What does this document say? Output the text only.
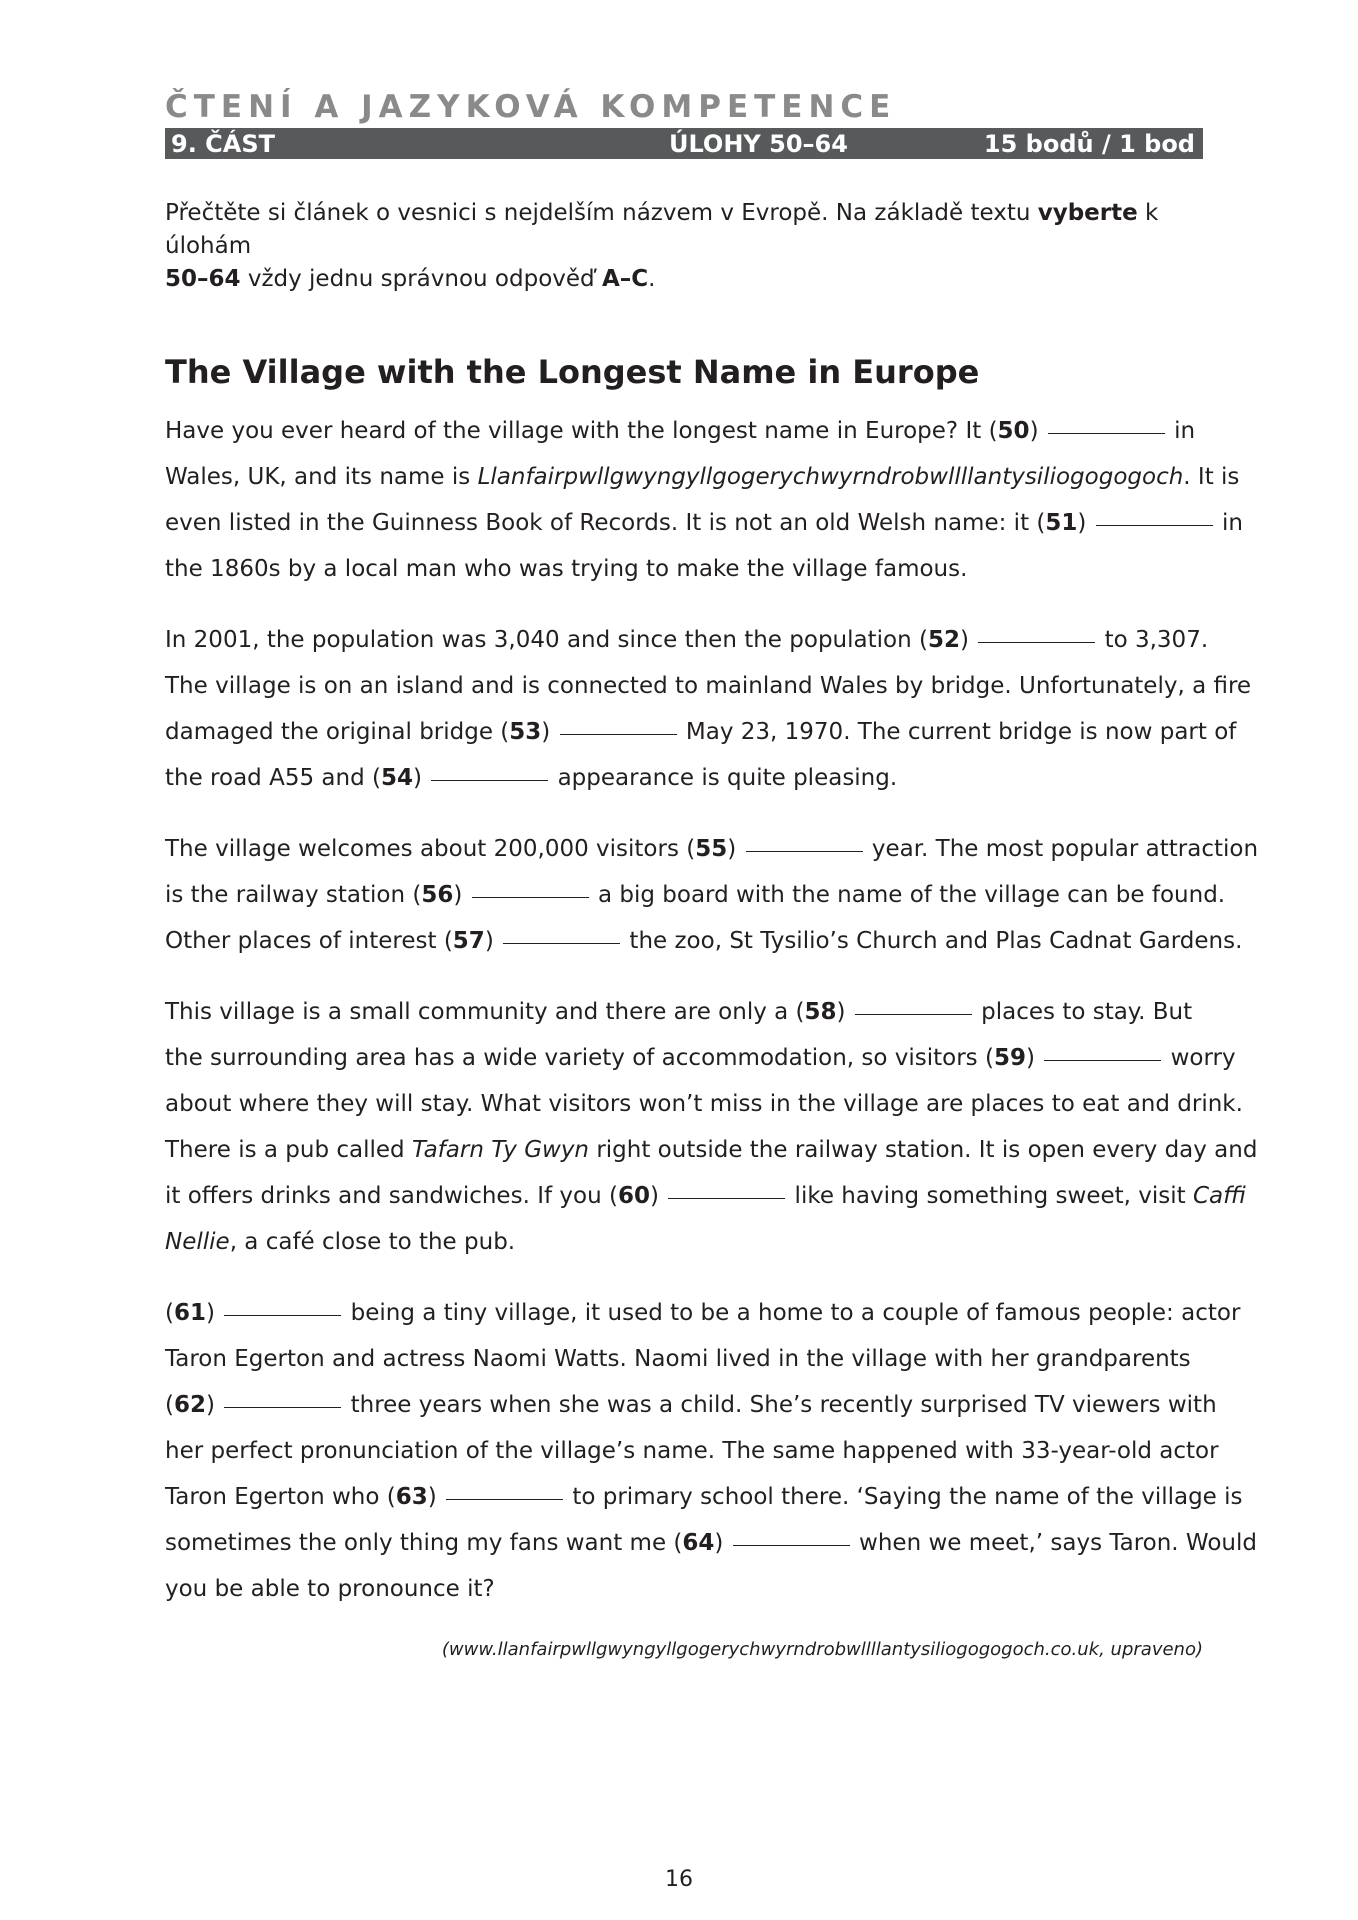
ČTENÍ A JAZYKOVÁ KOMPETENCE
9. ČÁST	ÚLOHY 50–64	15 bodů / 1 bod
Přečtěte si článek o vesnici s nejdelším názvem v Evropě. Na základě textu vyberte k úlohám
50–64 vždy jednu správnou odpověď A–C.
The Village with the Longest Name in Europe
Have you ever heard of the village with the longest name in Europe? It (50)	in
Wales, UK, and its name is Llanfairpwllgwyngyllgogerychwyrndrobwllllantysiliogogogoch. It is
even listed in the Guinness Book of Records. It is not an old Welsh name: it (51)	in
the 1860s by a local man who was trying to make the village famous.
In 2001, the population was 3,040 and since then the population (52)	to 3,307.
The village is on an island and is connected to mainland Wales by bridge. Unfortunately, a fire
damaged the original bridge (53)	May 23, 1970. The current bridge is now part of
the road A55 and (54)	appearance is quite pleasing.
The village welcomes about 200,000 visitors (55)	year. The most popular attraction
is the railway station (56)	a big board with the name of the village can be found.
Other places of interest (57)	the zoo, St Tysilio’s Church and Plas Cadnat Gardens.
This village is a small community and there are only a (58)	places to stay. But
the surrounding area has a wide variety of accommodation, so visitors (59)	worry
about where they will stay. What visitors won’t miss in the village are places to eat and drink.
There is a pub called Tafarn Ty Gwyn right outside the railway station. It is open every day and
it offers drinks and sandwiches. If you (60)	like having something sweet, visit Caffi
Nellie, a café close to the pub.
(61)	being a tiny village, it used to be a home to a couple of famous people: actor
Taron Egerton and actress Naomi Watts. Naomi lived in the village with her grandparents
(62)	three years when she was a child. She’s recently surprised TV viewers with
her perfect pronunciation of the village’s name. The same happened with 33-year-old actor
Taron Egerton who (63)	to primary school there. ‘Saying the name of the village is
sometimes the only thing my fans want me (64)	when we meet,’ says Taron. Would
you be able to pronounce it?
(www.llanfairpwllgwyngyllgogerychwyrndrobwllllantysiliogogogoch.co.uk, upraveno)
16
